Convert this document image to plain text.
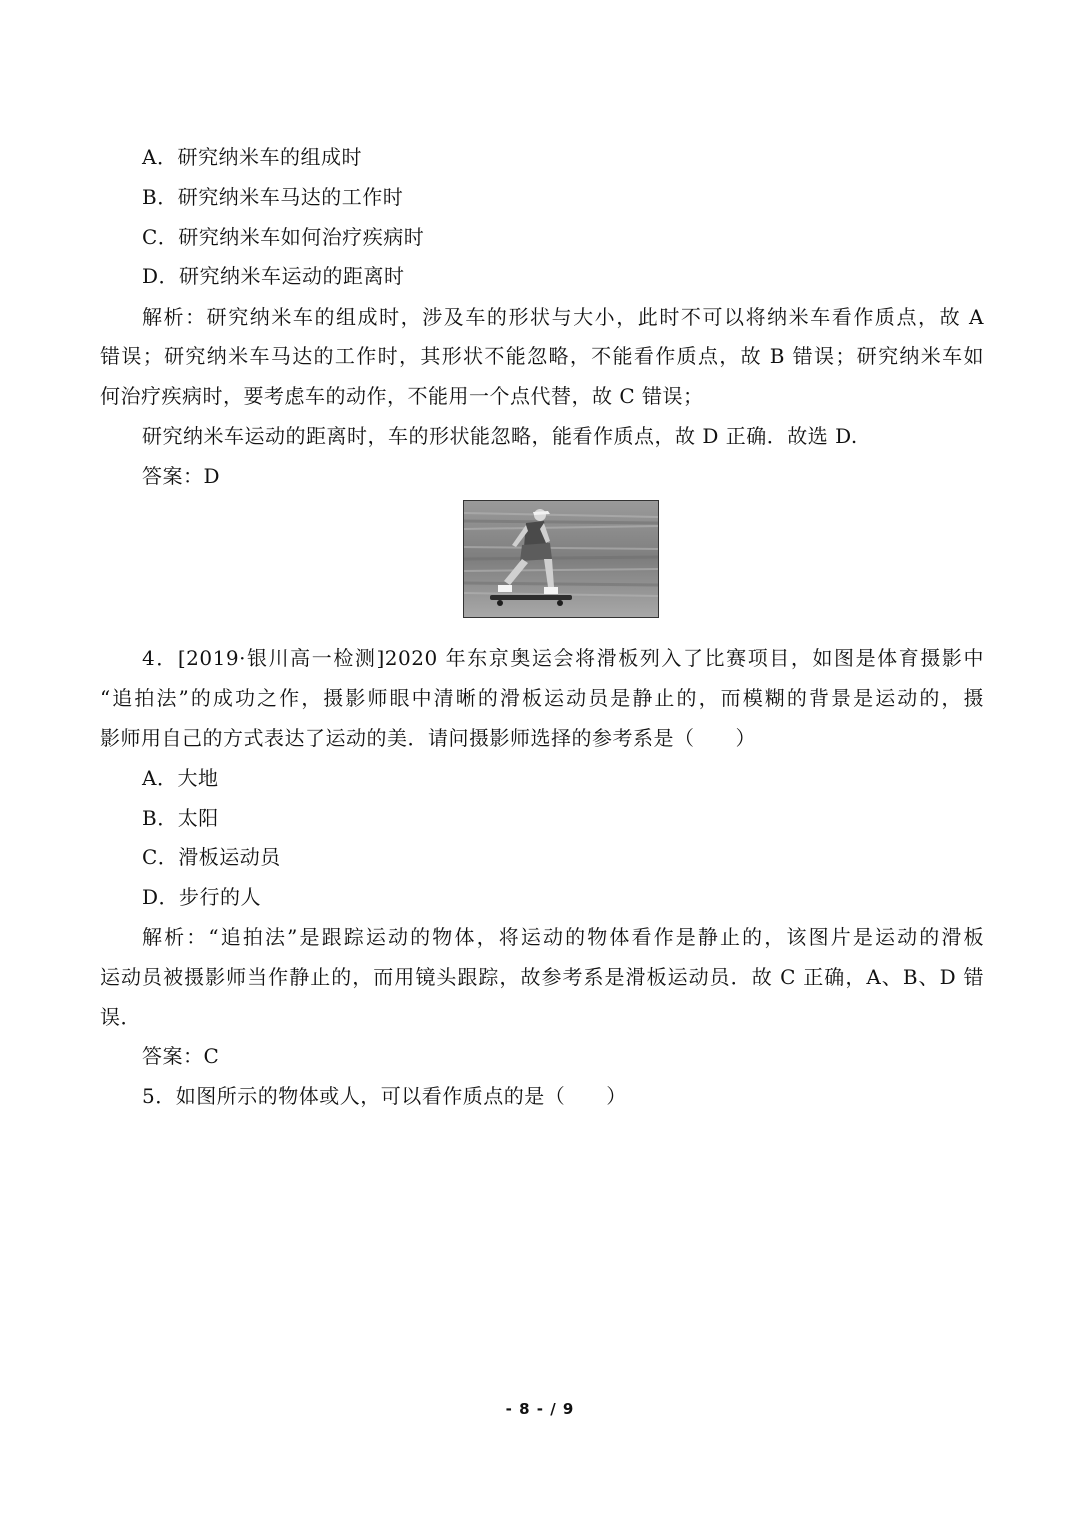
A．研究纳米车的组成时
B．研究纳米车马达的工作时
C．研究纳米车如何治疗疾病时
D．研究纳米车运动的距离时
解析：研究纳米车的组成时，涉及车的形状与大小，此时不可以将纳米车看作质点，故 A
错误；研究纳米车马达的工作时，其形状不能忽略，不能看作质点，故 B 错误；研究纳米车如
何治疗疾病时，要考虑车的动作，不能用一个点代替，故 C 错误；
研究纳米车运动的距离时，车的形状能忽略，能看作质点，故 D 正确．故选 D.
答案：D
4．[2019·银川高一检测]2020 年东京奥运会将滑板列入了比赛项目，如图是体育摄影中
“追拍法”的成功之作，摄影师眼中清晰的滑板运动员是静止的，而模糊的背景是运动的，摄
影师用自己的方式表达了运动的美．请问摄影师选择的参考系是（　　）
A．大地
B．太阳
C．滑板运动员
D．步行的人
解析：“追拍法”是跟踪运动的物体，将运动的物体看作是静止的，该图片是运动的滑板
运动员被摄影师当作静止的，而用镜头跟踪，故参考系是滑板运动员．故 C 正确，A、B、D 错
误．
答案：C
5．如图所示的物体或人，可以看作质点的是（　　）
- 8 - / 9
